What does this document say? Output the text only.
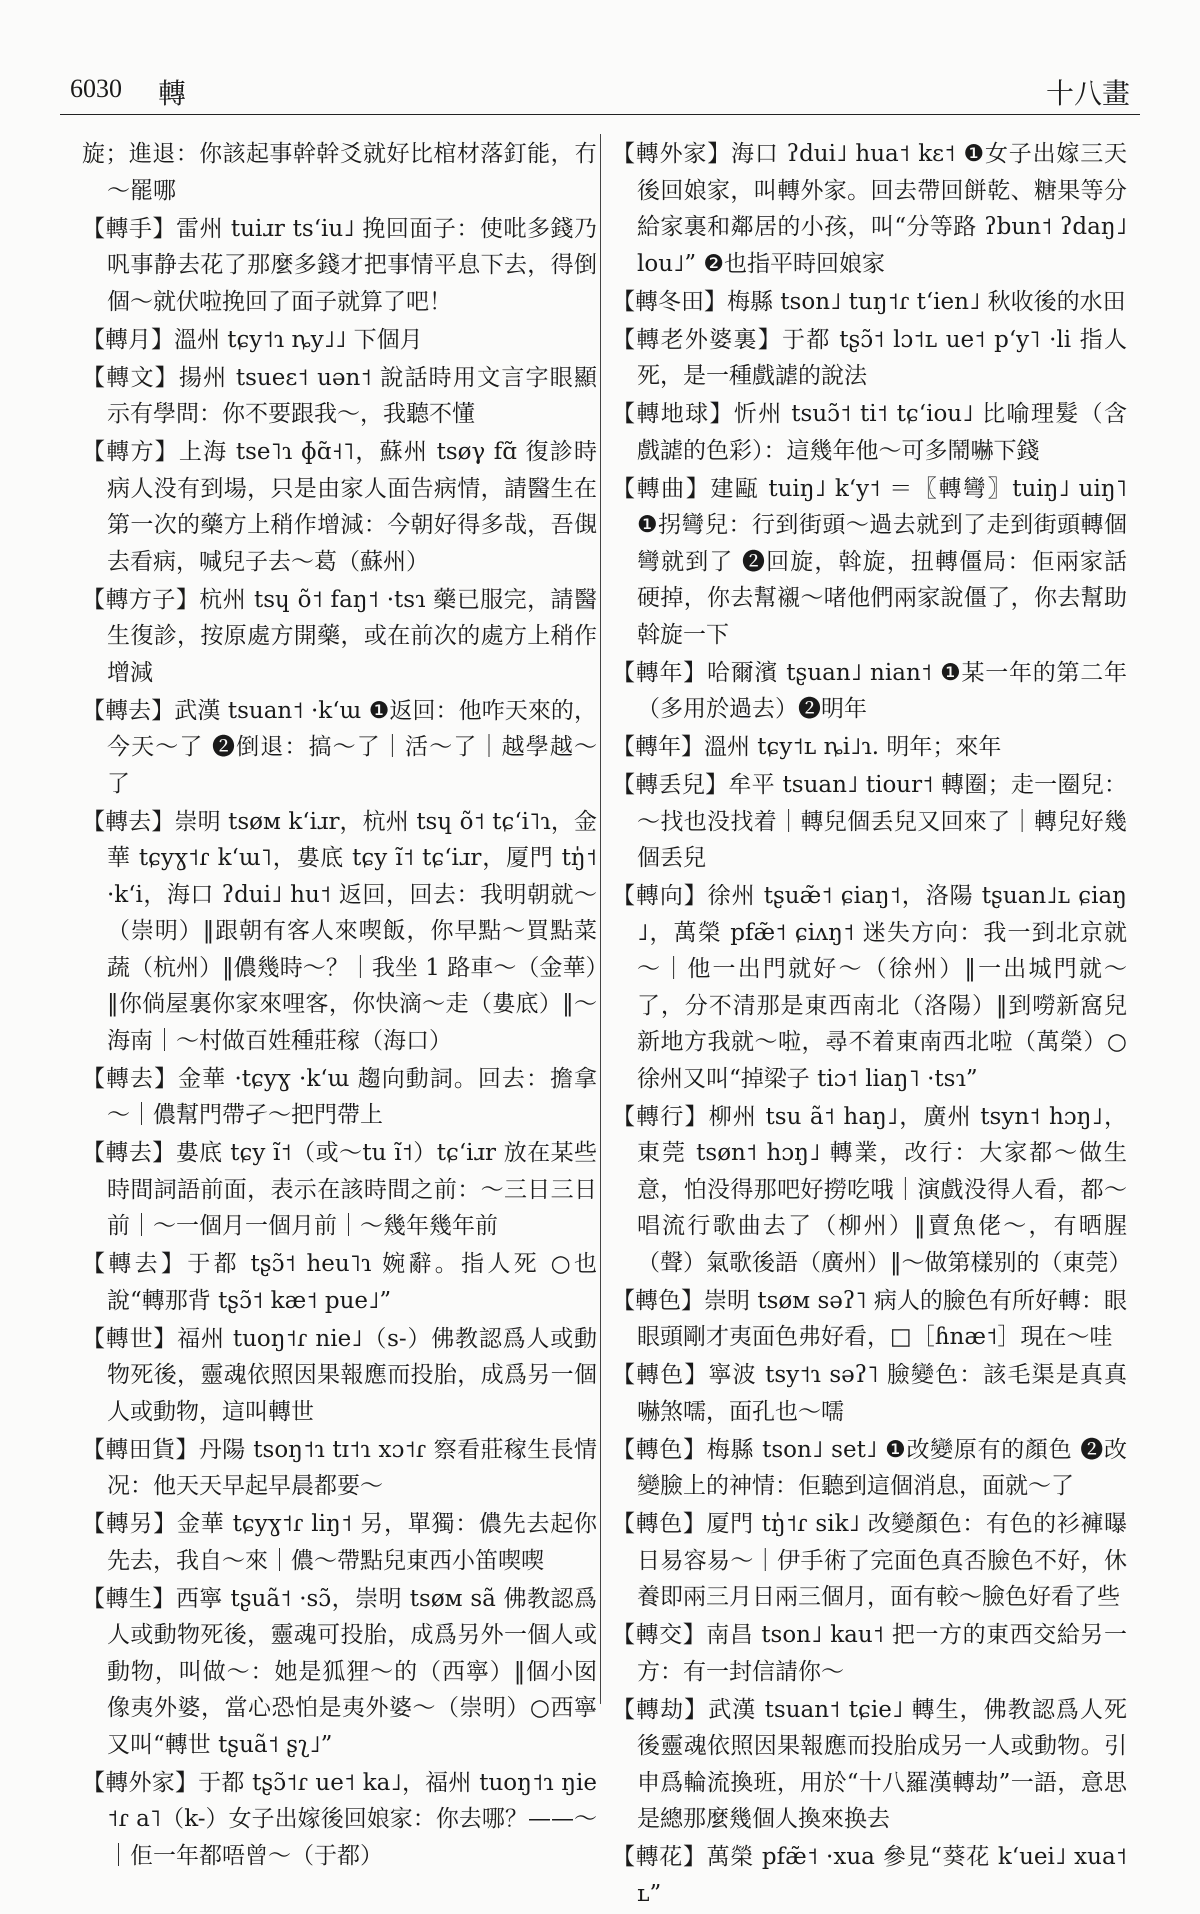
6030 轉	十八畫

旋；進退：你該起事幹幹爻就好比棺材落釘能，冇～罷哪

【轉手】雷州 tuiɹr tsʻiu˩ 挽回面子：使吡多錢乃㕨事静去花了那麼多錢才把事情平息下去，得倒個～就伏啦挽回了面子就算了吧！

【轉月】溫州 tɕy˦ɿ ȵy˩˩ 下個月

【轉文】揚州 tsueɛ˦ uən˦ 說話時用文言字眼顯示有學問：你不要跟我～，我聽不懂

【轉方】上海 tse˥ɿ ɸɑ̃˧˥，蘇州 tsøγ fɑ̃ 復診時病人没有到場，只是由家人面告病情，請醫生在第一次的藥方上稍作增減：今朝好得多哉，吾𧡞去看病，喊兒子去～葛（蘇州）

【轉方子】杭州 tsɥ õ˦ faŋ˦ ·tsɿ 藥已服完，請醫生復診，按原處方開藥，或在前次的處方上稍作增減

【轉去】武漢 tsuan˦ ·kʻɯ ❶返回：他咋天來的，今天～了 ❷倒退：搞～了｜活～了｜越學越～了

【轉去】崇明 tsøᴍ kʻiɹr，杭州 tsɥ õ˦ tɕʻi˥ɿ，金華 tɕyɣ˦ɾ kʻɯ˥，婁底 tɕy ĩ˦ tɕʻiɹr，厦門 tŋ̍˦ ·kʻi，海口 ʔdui˩ hu˦ 返回，回去：我明朝就～（崇明）‖跟朝有客人來喫飯，你早點～買點菜蔬（杭州）‖儂幾時～？｜我坐 1 路車～（金華）‖你倘屋裏你家來哩客，你快滴～走（婁底）‖～海南｜～村做百姓種莊稼（海口）

【轉去】金華 ·tɕyɣ ·kʻɯ 趨向動詞。回去：擔拿～｜儂幫門帶孑～把門帶上

【轉去】婁底 tɕy ĩ˦（或～tu ĩ˦）tɕʻiɹr 放在某些時間詞語前面，表示在該時間之前：～三日三日前｜～一個月一個月前｜～幾年幾年前

【轉去】于都 tʂɔ̃˦ heu˥ɿ 婉辭。指人死 ○也說“轉那背 tʂɔ̃˦ kæ˦ pue˩”

【轉世】福州 tuoŋ˦ɾ nie˩（s-）佛教認爲人或動物死後，靈魂依照因果報應而投胎，成爲另一個人或動物，這叫轉世

【轉田貨】丹陽 tsoŋ˦ɿ tɪ˦ɿ xɔ˦ɾ 察看莊稼生長情况：他天天早起早晨都要～

【轉另】金華 tɕyɣ˦ɾ liŋ˦ 另，單獨：儂先去起你先去，我自～來｜儂～帶點兒東西小笛喫喫

【轉生】西寧 tʂuã˦ ·sɔ̃，崇明 tsøᴍ sã 佛教認爲人或動物死後，靈魂可投胎，成爲另外一個人或動物，叫做～：她是狐狸～的（西寧）‖個小囡像夷外婆，當心恐怕是夷外婆～（崇明）○西寧又叫“轉世 tʂuã˦ ʂʅ˩”

【轉外家】于都 tʂɔ̃˦ɾ ue˦ ka˩，福州 tuoŋ˦ɿ ŋie˦ɾ a˥（k-）女子出嫁後回娘家：你去哪？——～｜佢一年都唔曾～（于都）

【轉外家】海口 ʔdui˩ hua˦ kɛ˦ ❶女子出嫁三天後回娘家，叫轉外家。回去帶回餅乾、糖果等分給家裏和鄰居的小孩，叫“分等路 ʔbun˦ ʔdaŋ˩ lou˩” ❷也指平時回娘家

【轉冬田】梅縣 tson˩ tuŋ˦ɾ tʻien˩ 秋收後的水田

【轉老外婆裏】于都 tʂɔ̃˦ lɔ˦ʟ ue˦ pʻy˥ ·li 指人死，是一種戲謔的說法

【轉地球】忻州 tsuɔ̃˦ ti˦ tɕʻiou˩ 比喻理髮（含戲謔的色彩）：這幾年他～可多鬧嚇下錢

【轉曲】建甌 tuiŋ˩ kʻy˦ ＝〖轉彎〗tuiŋ˩ uiŋ˥ ❶拐彎兒：行到街頭～過去就到了走到街頭轉個彎就到了 ❷回旋，斡旋，扭轉僵局：佢兩家話硬掉，你去幫襯～啫他們兩家說僵了，你去幫助斡旋一下

【轉年】哈爾濱 tʂuan˩ nian˦ ❶某一年的第二年（多用於過去）❷明年

【轉年】溫州 tɕy˦ʟ ȵi˩ɿ. 明年；來年

【轉丢兒】牟平 tsuan˩ tiour˦ 轉圈；走一圈兒：～找也没找着｜轉兒個丢兒又回來了｜轉兒好幾個丢兒

【轉向】徐州 tʂuæ̃˦ ɕiaŋ˦，洛陽 tʂuan˩ʟ ɕiaŋ˩，萬榮 pfæ̃˦ ɕiʌŋ˦ 迷失方向：我一到北京就～｜他一出門就好～（徐州）‖一出城門就～了，分不清那是東西南北（洛陽）‖到嘮新窩兒新地方我就～啦，尋不着東南西北啦（萬榮）○徐州又叫“掉梁子 tiɔ˦ liaŋ˥ ·tsɿ”

【轉行】柳州 tsu ã˦ haŋ˩，廣州 tsyn˦ hɔŋ˩，東莞 tsøn˦ hɔŋ˩ 轉業，改行：大家都～做生意，怕没得那吧好撈吃哦｜演戲没得人看，都～唱流行歌曲去了（柳州）‖賣魚佬～，有晒腥（聲）氣歌後語（廣州）‖～做第樣别的（東莞）

【轉色】崇明 tsøᴍ səʔ˥ 病人的臉色有所好轉：眼眼頭剛才夷面色弗好看，□［ɦnæ˦］現在～哇

【轉色】寧波 tsy˦ɿ səʔ˥ 臉變色：該毛渠是真真嚇煞嚅，面孔也～嚅

【轉色】梅縣 tson˩ set˩ ❶改變原有的顏色 ❷改變臉上的神情：佢聽到這個消息，面就～了

【轉色】厦門 tŋ̍˦ɾ sik˩ 改變顏色：有色的衫褲曝日易容易～｜伊手術了完面色真否臉色不好，休養即兩三月日兩三個月，面有較～臉色好看了些

【轉交】南昌 tson˩ kau˦ 把一方的東西交給另一方：有一封信請你～

【轉劫】武漢 tsuan˦ tɕie˩ 轉生，佛教認爲人死後靈魂依照因果報應而投胎成另一人或動物。引申爲輪流換班，用於“十八羅漢轉劫”一語，意思是總那麼幾個人換來换去

【轉花】萬榮 pfæ̃˦ ·xua 參見“葵花 kʻuei˩ xua˦ʟ”
